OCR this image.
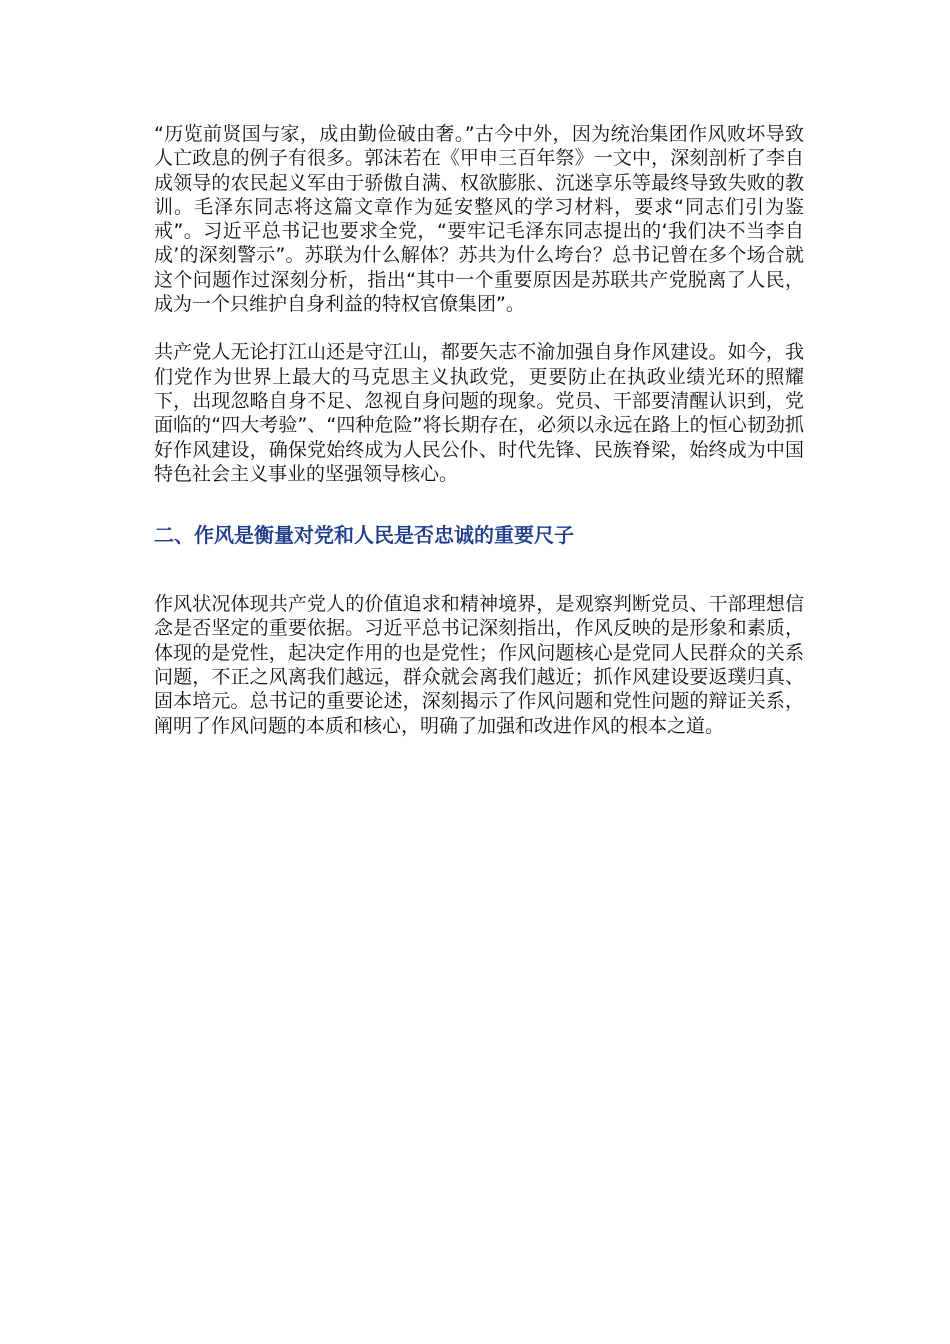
“历览前贤国与家，成由勤俭破由奢。”古今中外，因为统治集团作风败坏导致人亡政息的例子有很多。郭沫若在《甲申三百年祭》一文中，深刻剖析了李自成领导的农民起义军由于骄傲自满、权欲膨胀、沉迷享乐等最终导致失败的教训。毛泽东同志将这篇文章作为延安整风的学习材料，要求“同志们引为鉴戒”。习近平总书记也要求全党，“要牢记毛泽东同志提出的‘我们决不当李自成’的深刻警示”。苏联为什么解体？苏共为什么垮台？总书记曾在多个场合就这个问题作过深刻分析，指出“其中一个重要原因是苏联共产党脱离了人民，成为一个只维护自身利益的特权官僚集团”。

共产党人无论打江山还是守江山，都要矢志不渝加强自身作风建设。如今，我们党作为世界上最大的马克思主义执政党，更要防止在执政业绩光环的照耀下，出现忽略自身不足、忽视自身问题的现象。党员、干部要清醒认识到，党面临的“四大考验”、“四种危险”将长期存在，必须以永远在路上的恒心韧劲抓好作风建设，确保党始终成为人民公仆、时代先锋、民族脊梁，始终成为中国特色社会主义事业的坚强领导核心。

二、作风是衡量对党和人民是否忠诚的重要尺子

作风状况体现共产党人的价值追求和精神境界，是观察判断党员、干部理想信念是否坚定的重要依据。习近平总书记深刻指出，作风反映的是形象和素质，体现的是党性，起决定作用的也是党性；作风问题核心是党同人民群众的关系问题，不正之风离我们越远，群众就会离我们越近；抓作风建设要返璞归真、固本培元。总书记的重要论述，深刻揭示了作风问题和党性问题的辩证关系，阐明了作风问题的本质和核心，明确了加强和改进作风的根本之道。
